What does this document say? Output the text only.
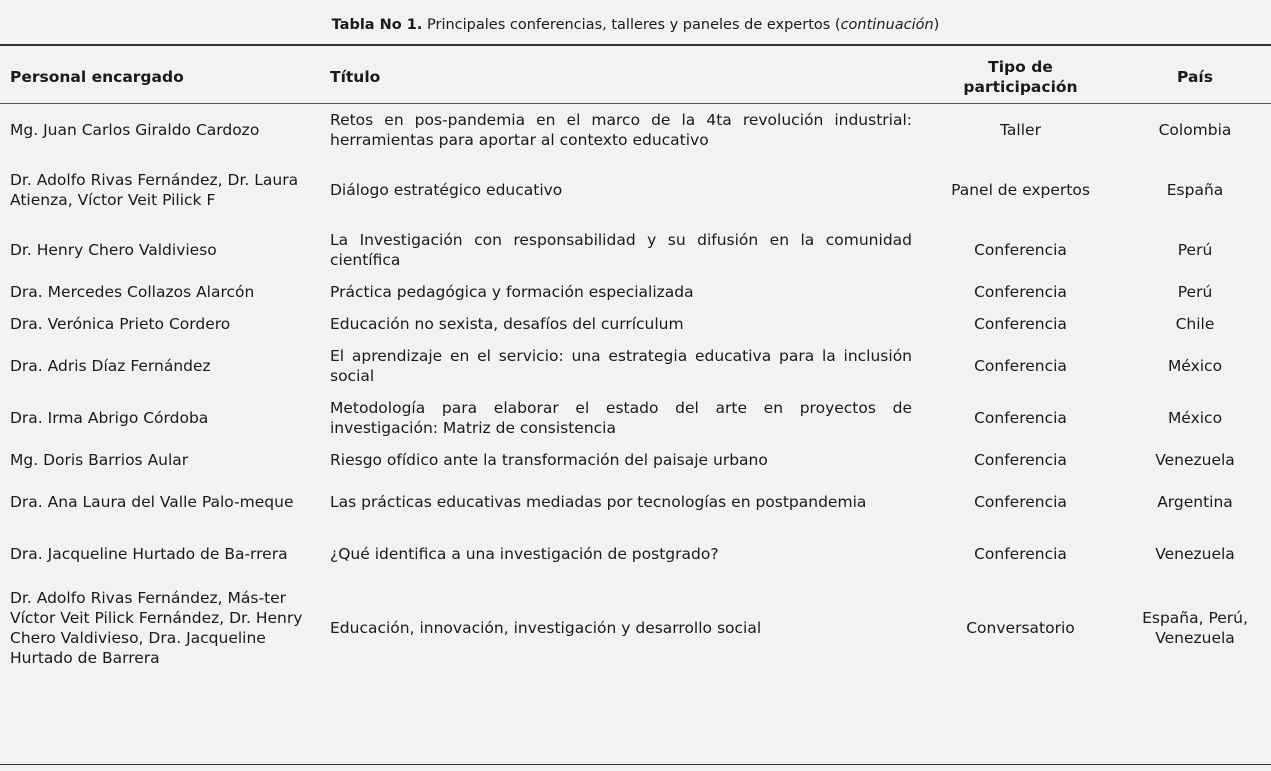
Tabla No 1. Principales conferencias, talleres y paneles de expertos (continuación)
Personal encargado	Título	Tipo de participación	País
Mg. Juan Carlos Giraldo Cardozo	Retos en pos-pandemia en el marco de la 4ta revolución industrial: herramientas para aportar al contexto educativo	Taller	Colombia
Dr. Adolfo Rivas Fernández, Dr. Laura Atienza, Víctor Veit Pilick F	Diálogo estratégico educativo	Panel de expertos	España
Dr. Henry Chero Valdivieso	La Investigación con responsabilidad y su difusión en la comunidad científica	Conferencia	Perú
Dra. Mercedes Collazos Alarcón	Práctica pedagógica y formación especializada	Conferencia	Perú
Dra. Verónica Prieto Cordero	Educación no sexista, desafíos del currículum	Conferencia	Chile
Dra. Adris Díaz Fernández	El aprendizaje en el servicio: una estrategia educativa para la inclusión social	Conferencia	México
Dra. Irma Abrigo Córdoba	Metodología para elaborar el estado del arte en proyectos de investigación: Matriz de consistencia	Conferencia	México
Mg. Doris Barrios Aular	Riesgo ofídico ante la transformación del paisaje urbano	Conferencia	Venezuela
Dra. Ana Laura del Valle Palo-meque	Las prácticas educativas mediadas por tecnologías en postpandemia	Conferencia	Argentina
Dra. Jacqueline Hurtado de Ba-rrera	¿Qué identifica a una investigación de postgrado?	Conferencia	Venezuela
Dr. Adolfo Rivas Fernández, Más-ter Víctor Veit Pilick Fernández, Dr. Henry Chero Valdivieso, Dra. Jacqueline Hurtado de Barrera	Educación, innovación, investigación y desarrollo social	Conversatorio	España, Perú, Venezuela
